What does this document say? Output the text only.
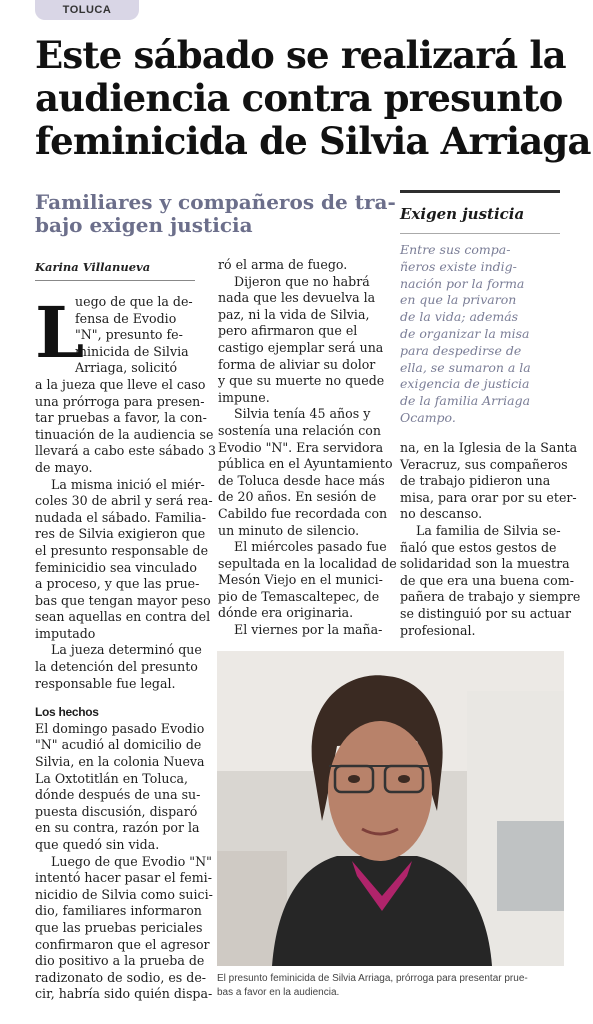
TOLUCA
Este sábado se realizará la
audiencia contra presunto
feminicida de Silvia Arriaga
Familiares y compañeros de tra-
bajo exigen justicia	Exigen justicia
Entre sus compa-
ñeros existe indig-
nación por la forma
en que la privaron
de la vida; además
de organizar la misa
para despedirse de
ella, se sumaron a la
exigencia de justicia
de la familia Arriaga
Ocampo.
Karina Villanueva
L
uego de que la de-
fensa de Evodio
"N", presunto fe-
minicida de Silvia
Arriaga, solicitó
a la jueza que lleve el caso
una prórroga para presen-
tar pruebas a favor, la con-
tinuación de la audiencia se
llevará a cabo este sábado 3
de mayo.
La misma inició el miér-
coles 30 de abril y será rea-
nudada el sábado. Familia-
res de Silvia exigieron que
el presunto responsable de
feminicidio sea vinculado
a proceso, y que las prue-
bas que tengan mayor peso
sean aquellas en contra del
imputado
La jueza determinó que
la detención del presunto
responsable fue legal.
Los hechos
El domingo pasado Evodio
"N" acudió al domicilio de
Silvia, en la colonia Nueva
La Oxtotitlán en Toluca,
dónde después de una su-
puesta discusión, disparó
en su contra, razón por la
que quedó sin vida.
Luego de que Evodio "N"
intentó hacer pasar el femi-
nicidio de Silvia como suici-
dio, familiares informaron
que las pruebas periciales
confirmaron que el agresor
dio positivo a la prueba de
radizonato de sodio, es de-
cir, habría sido quién dispa-
ró el arma de fuego.
Dijeron que no habrá
nada que les devuelva la
paz, ni la vida de Silvia,
pero afirmaron que el
castigo ejemplar será una
forma de aliviar su dolor
y que su muerte no quede
impune.
Silvia tenía 45 años y
sostenía una relación con
Evodio "N". Era servidora
pública en el Ayuntamiento
de Toluca desde hace más
de 20 años. En sesión de
Cabildo fue recordada con
un minuto de silencio.
El miércoles pasado fue
sepultada en la localidad de
Mesón Viejo en el munici-
pio de Temascaltepec, de
dónde era originaria.
El viernes por la maña-
na, en la Iglesia de la Santa
Veracruz, sus compañeros
de trabajo pidieron una
misa, para orar por su eter-
no descanso.
La familia de Silvia se-
ñaló que estos gestos de
solidaridad son la muestra
de que era una buena com-
pañera de trabajo y siempre
se distinguió por su actuar
profesional.
El presunto feminicida de Silvia Arriaga, prórroga para presentar prue-
bas a favor en la audiencia.
